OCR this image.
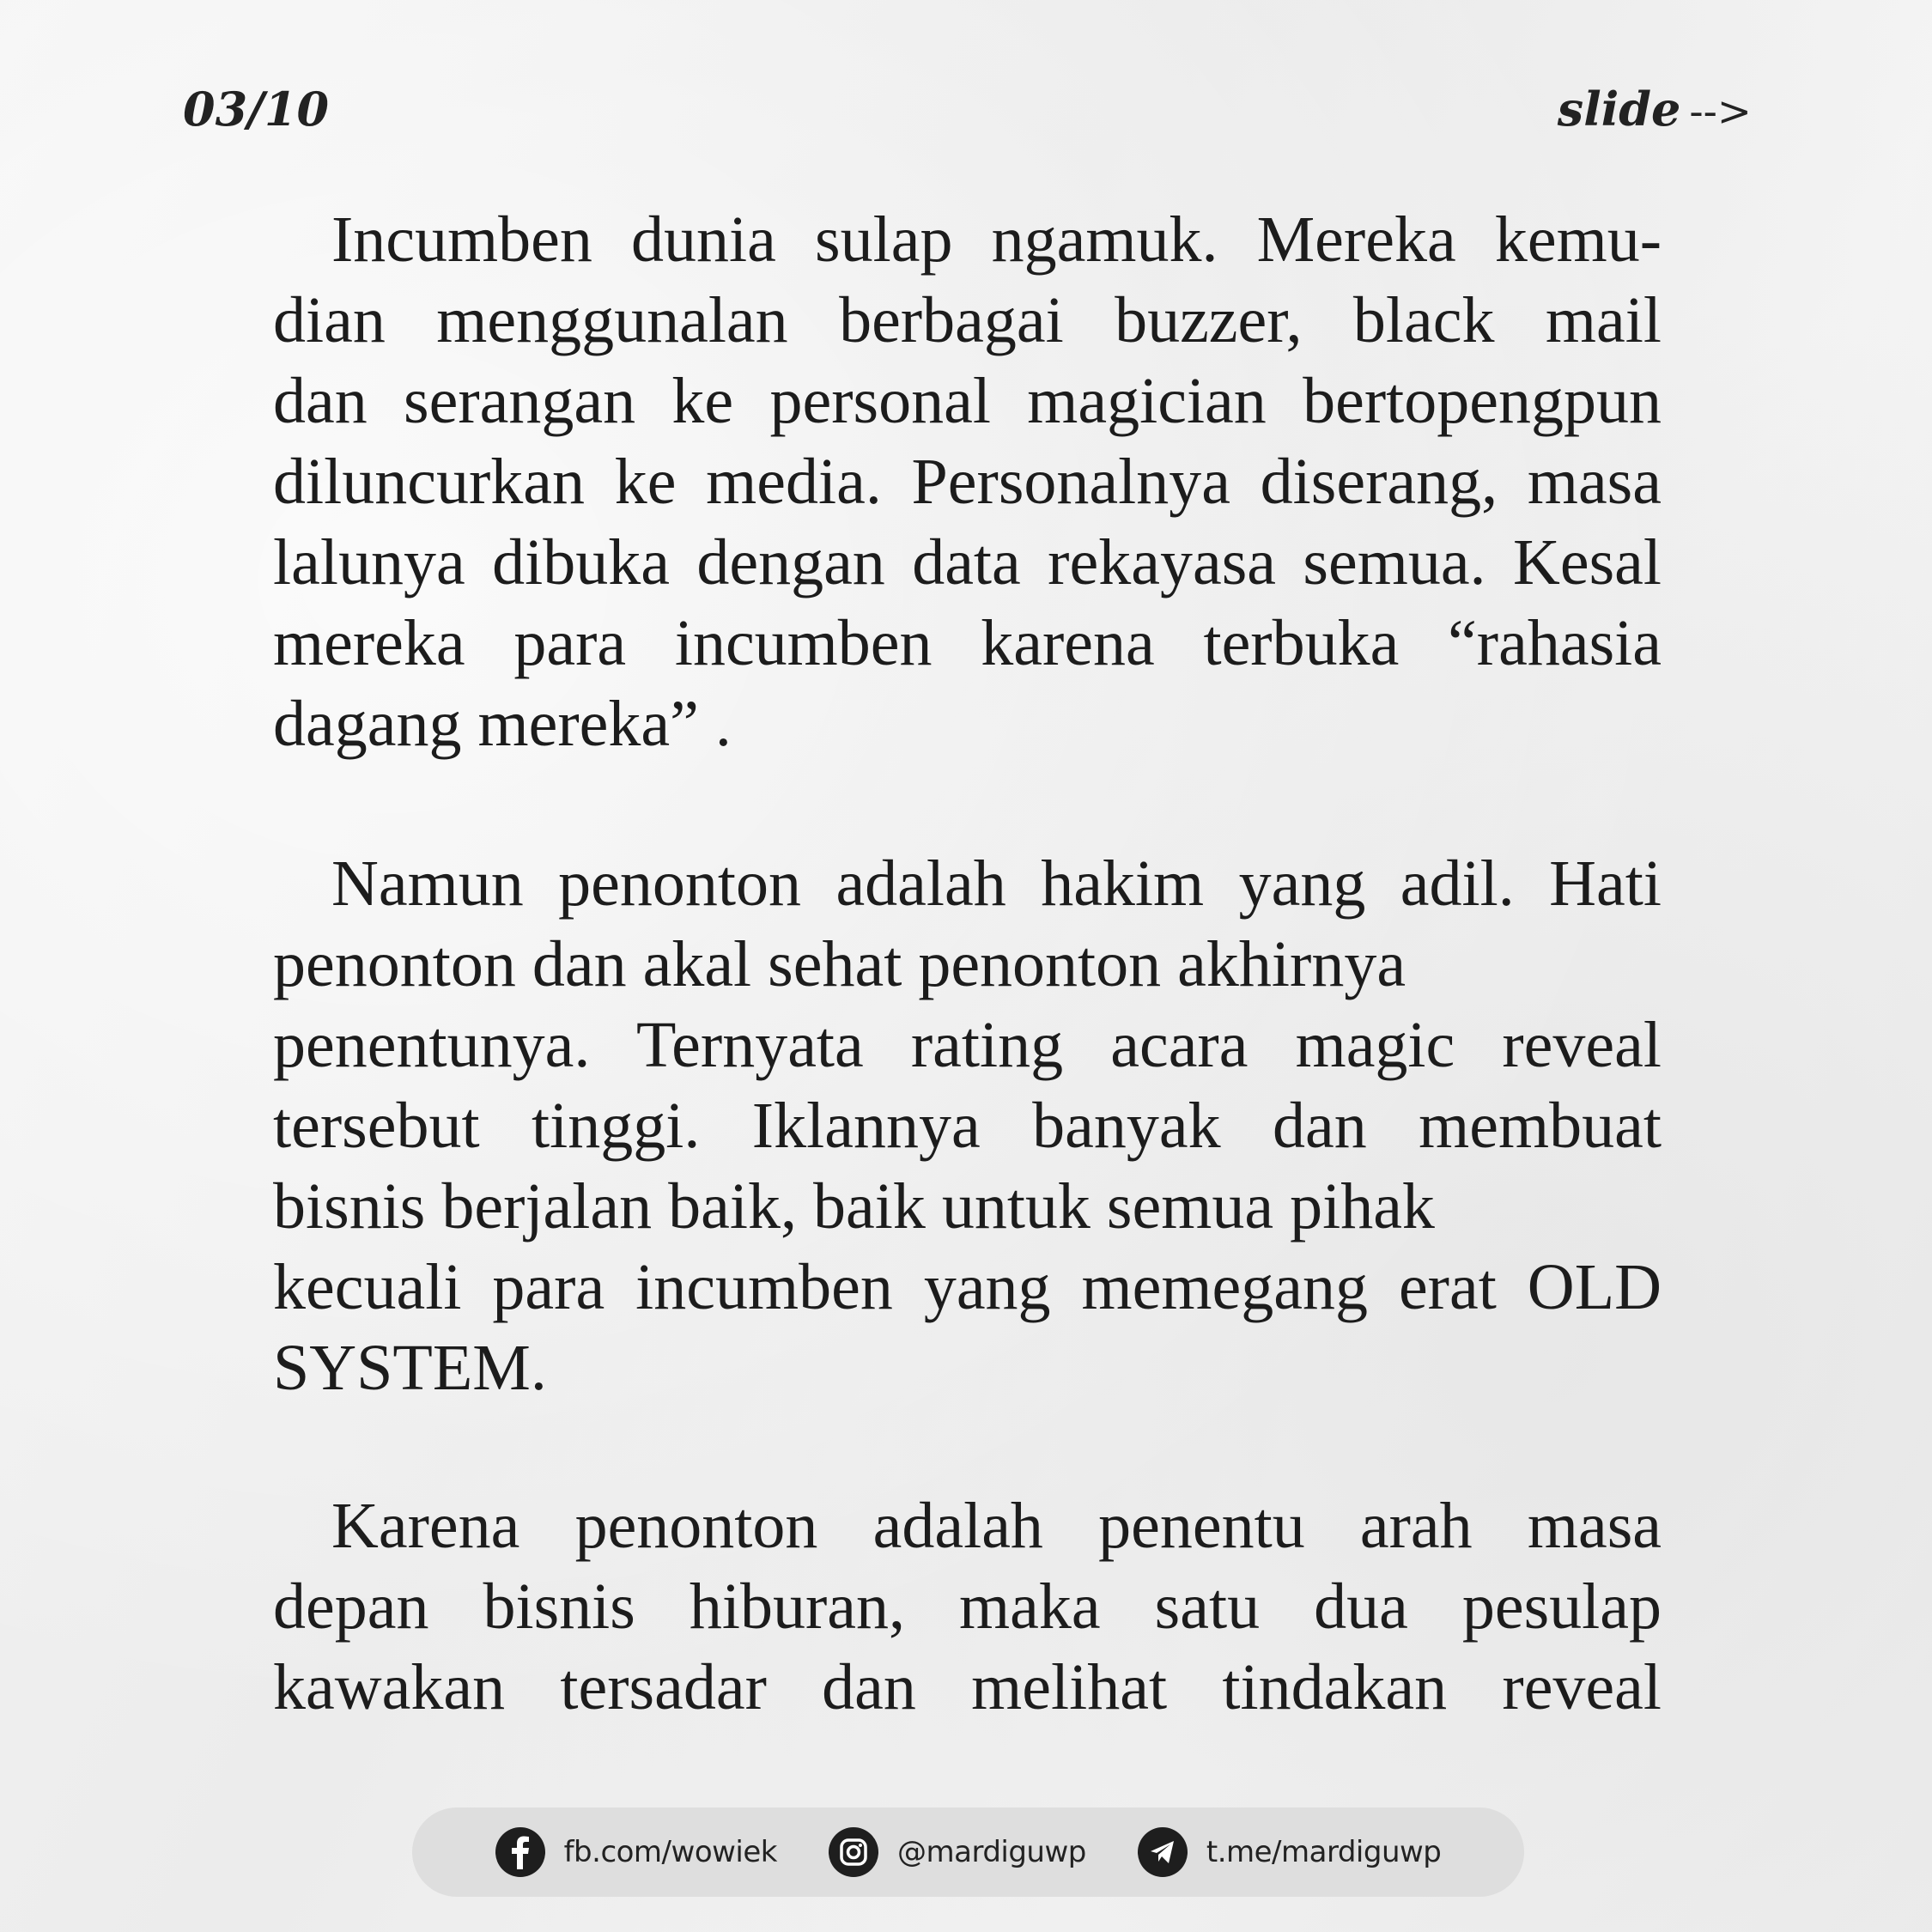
03/10	slide -->
Incumben dunia sulap ngamuk. Mereka kemu-
dian menggunalan berbagai buzzer, black mail
dan serangan ke personal magician bertopengpun
diluncurkan ke media. Personalnya diserang, masa
lalunya dibuka dengan data rekayasa semua. Kesal
mereka para incumben karena terbuka “rahasia
dagang mereka” .
Namun penonton adalah hakim yang adil. Hati
penonton dan akal sehat penonton akhirnya
penentunya. Ternyata rating acara magic reveal
tersebut tinggi. Iklannya banyak dan membuat
bisnis berjalan baik, baik untuk semua pihak
kecuali para incumben yang memegang erat OLD
SYSTEM.
Karena penonton adalah penentu arah masa
depan bisnis hiburan, maka satu dua pesulap
kawakan tersadar dan melihat tindakan reveal
fb.com/wowiek	@mardiguwp	t.me/mardiguwp
